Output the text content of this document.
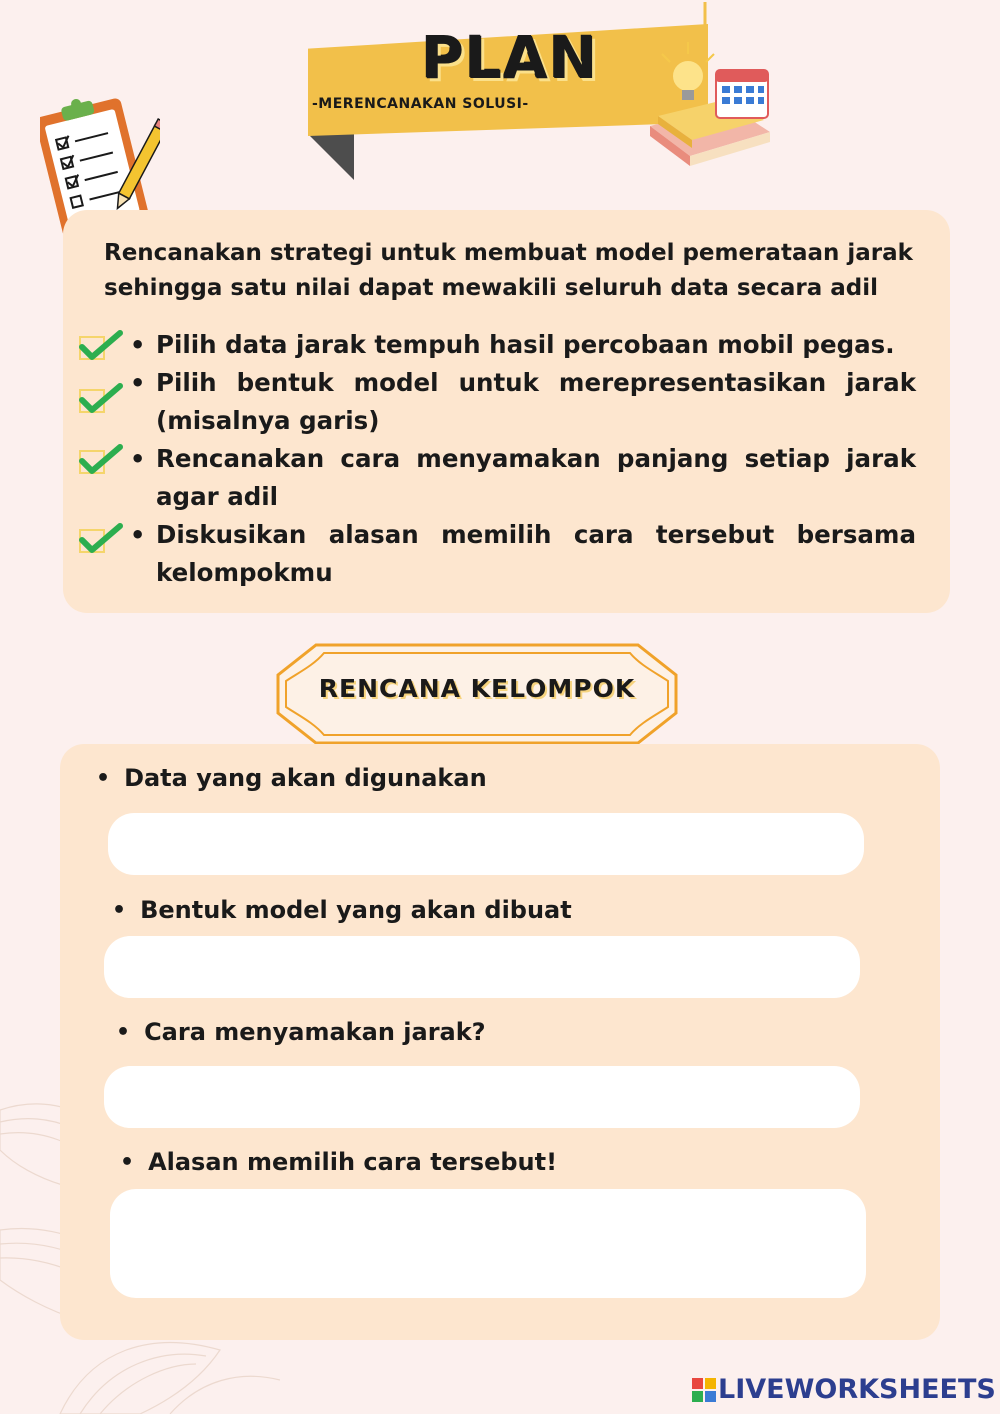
PLAN
-MERENCANAKAN SOLUSI-
Rencanakan strategi untuk membuat model pemerataan jarak sehingga satu nilai dapat mewakili seluruh data secara adil
• Pilih data jarak tempuh hasil percobaan mobil pegas.
• Pilih bentuk model untuk merepresentasikan jarak (misalnya garis)
• Rencanakan cara menyamakan panjang setiap jarak agar adil
• Diskusikan alasan memilih cara tersebut bersama kelompokmu
RENCANA KELOMPOK
• Data yang akan digunakan
• Bentuk model yang akan dibuat
• Cara menyamakan jarak?
• Alasan memilih cara tersebut!
LIVEWORKSHEETS
